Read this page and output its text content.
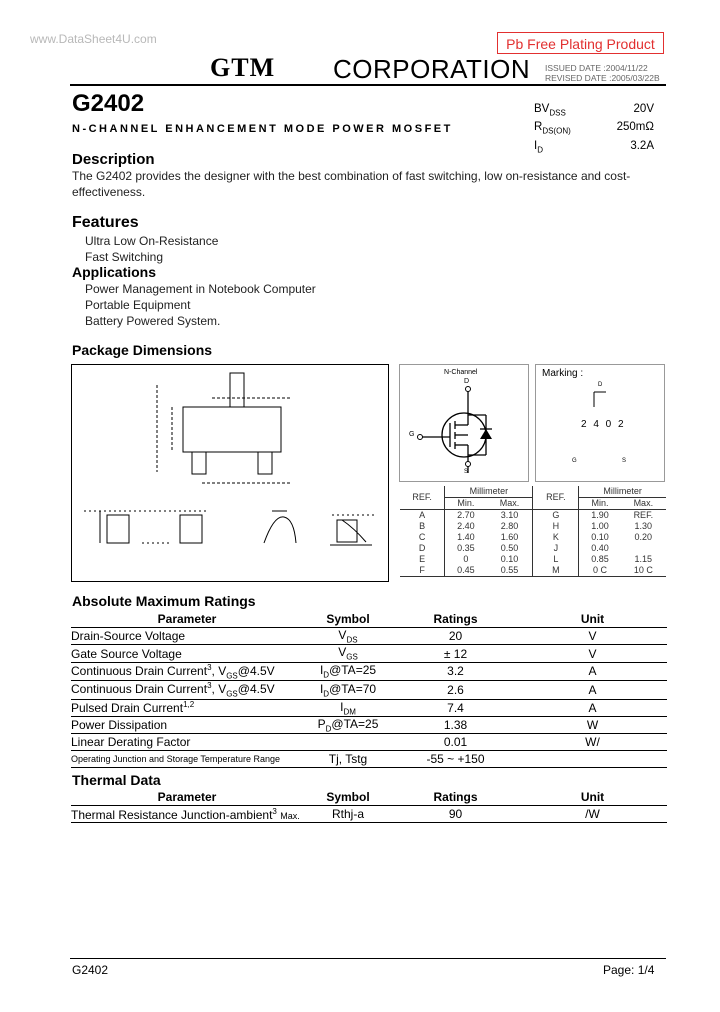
www.DataSheet4U.com	Pb Free Plating Product
GTM CORPORATION ISSUED DATE :2004/11/22
REVISED DATE :2005/03/22B
G2402
N-CHANNEL ENHANCEMENT MODE POWER MOSFET
$BV_{DSS}$	20V
$R_{DS(ON)}$	250mΩ
$I_D$	3.2A
Description
The G2402 provides the designer with the best combination of fast switching, low on-resistance and cost-effectiveness.
Features
Ultra Low On-Resistance
Fast Switching
Applications
Power Management in Notebook Computer
Portable Equipment
Battery Powered System.
Package Dimensions
N-Channel
D
G
S
Marking :
D
2 4 0 2
G	S
REF.	Millimeter		REF.	Millimeter	
	Min.	Max.		Min.	Max.
A	2.70	3.10	G	1.90	REF.
B	2.40	2.80	H	1.00	1.30
C	1.40	1.60	K	0.10	0.20
D	0.35	0.50	J	0.40	
E	0	0.10	L	0.85	1.15
F	0.45	0.55	M	0 C	10 C
Absolute Maximum Ratings
Parameter	Symbol	Ratings	Unit
Drain-Source Voltage	$V_{DS}$	20	V
Gate Source Voltage	$V_{GS}$	± 12	V
Continuous Drain Current$^3$, $V_{GS}@4.5V$	$I_D@TA=25$	3.2	A
Continuous Drain Current$^3$, $V_{GS}@4.5V$	$I_D@TA=70$	2.6	A
Pulsed Drain Current$^{1,2}$	$I_{DM}$	7.4	A
Power Dissipation	$P_D@TA=25$	1.38	W
Linear Derating Factor		0.01	W/
Operating Junction and Storage Temperature Range	Tj, Tstg	-55 ~ +150	
Thermal Data
Parameter	Symbol	Ratings	Unit
Thermal Resistance Junction-ambient$^3$ Max.	Rthj-a	90	/W
G2402	Page: 1/4
